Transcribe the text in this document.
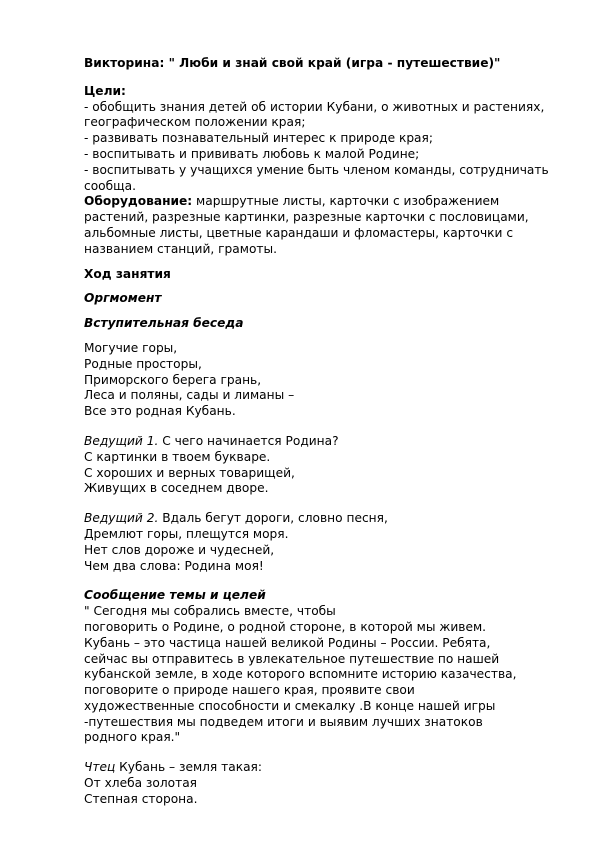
Викторина: " Люби и знай свой край (игра - путешествие)"

Цели:

- обобщить знания детей об истории Кубани, о животных и растениях, географическом положении края;

- развивать познавательный интерес к природе края;

- воспитывать и прививать любовь к малой Родине;

- воспитывать у учащихся умение быть членом команды, сотрудничать сообща.

Оборудование: маршрутные листы, карточки с изображением растений, разрезные картинки, разрезные карточки с пословицами, альбомные листы, цветные карандаши и фломастеры, карточки с названием станций, грамоты.

Ход занятия

Оргмомент

Вступительная беседа

Могучие горы,
Родные просторы,
Приморского берега грань,
Леса и поляны, сады и лиманы –
Все это родная Кубань.
Ведущий 1. С чего начинается Родина?
С картинки в твоем букваре.
С хороших и верных товарищей,
Живущих в соседнем дворе.
Ведущий 2. Вдаль бегут дороги, словно песня,
Дремлют горы, плещутся моря.
Нет слов дороже и чудесней,
Чем два слова: Родина моя!

Сообщение темы и целей

" Сегодня мы собрались вместе, чтобы
поговорить о Родине, о родной стороне, в которой мы живем.
Кубань – это частица нашей великой Родины – России. Ребята,
сейчас вы отправитесь в увлекательное путешествие по нашей
кубанской земле, в ходе которого вспомните историю казачества,
поговорите о природе нашего края, проявите свои
художественные способности и смекалку .В конце нашей игры
-путешествия мы подведем итоги и выявим лучших знатоков
родного края."
Чтец Кубань – земля такая:
От хлеба золотая
Степная сторона.
